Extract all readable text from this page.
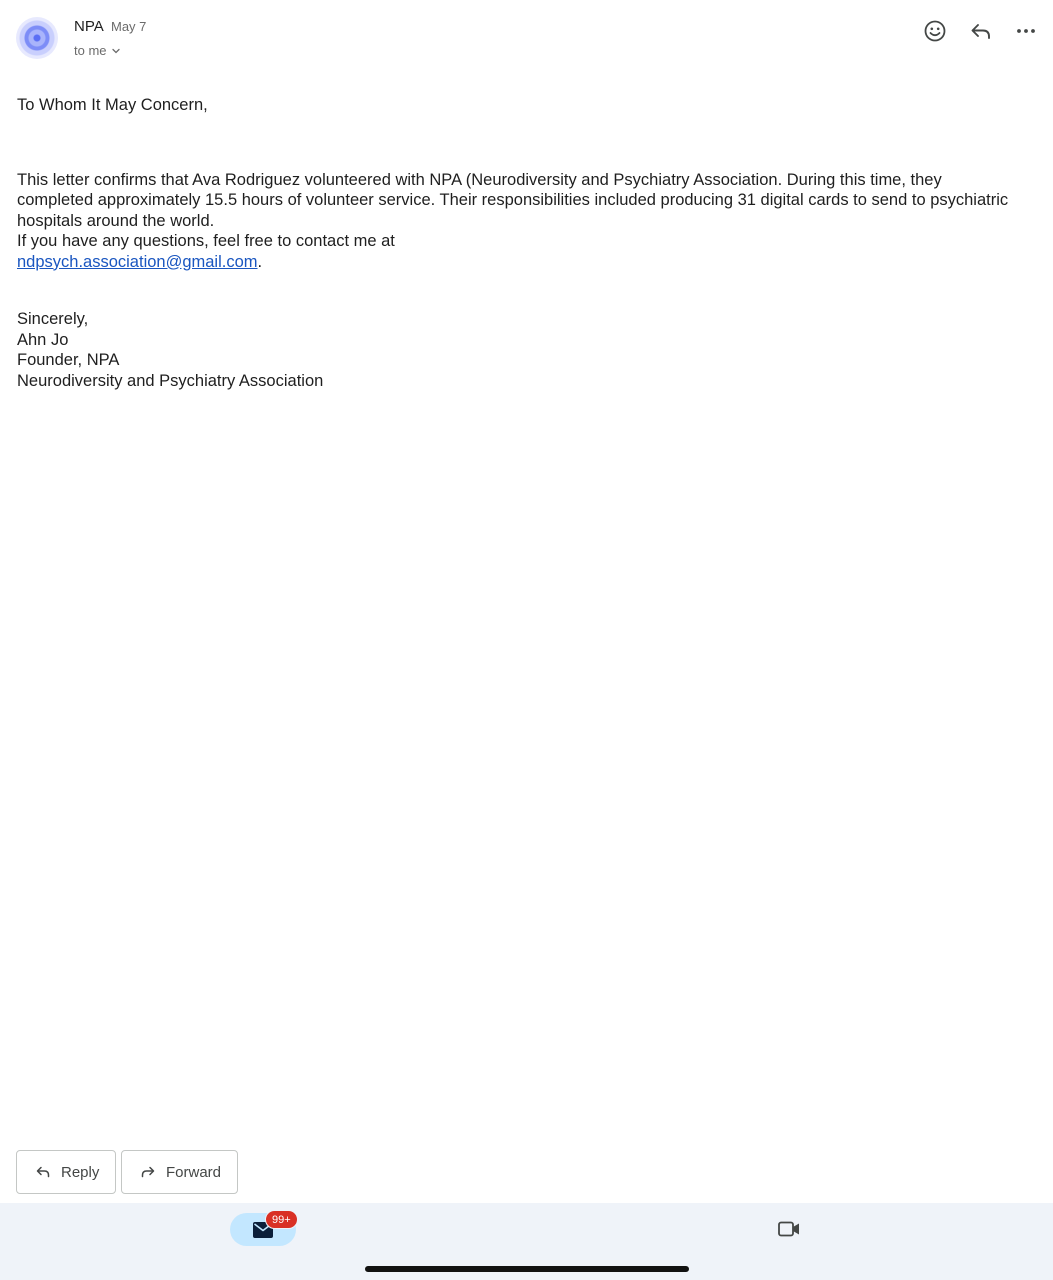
NPA May 7
to me

To Whom It May Concern,

This letter confirms that Ava Rodriguez volunteered with NPA (Neurodiversity and Psychiatry Association. During this time, they completed approximately 15.5 hours of volunteer service. Their responsibilities included producing 31 digital cards to send to psychiatric hospitals around the world.

If you have any questions, feel free to contact me at

ndpsych.association@gmail.com.

Sincerely,

Ahn Jo

Founder, NPA

Neurodiversity and Psychiatry Association

Reply	Forward
99+
